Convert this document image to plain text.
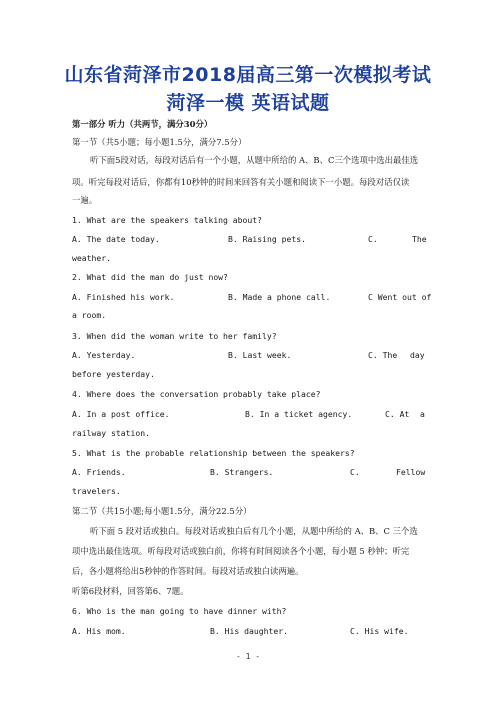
山东省菏泽市2018届高三第一次模拟考试
菏泽一模 英语试题
第一部分 听力（共两节，满分30分）
第一节（共5小题；每小题1.5分，满分7.5分）
听下面5段对话，每段对话后有一个小题，从题中所给的 A、B、C三个选项中选出最佳选
项。听完每段对话后，你都有10秒钟的时间来回答有关小题和阅读下一小题。每段对话仅读
一遍。
1. What are the speakers talking about?
A. The date today.	B. Raising pets.	C.	The
weather.
2. What did the man do just now?
A. Finished his work.	B. Made a phone call.	C Went out of
a room.
3. When did the woman write to her family?
A. Yesterday.	B. Last week.	C. The day
before yesterday.
4. Where does the conversation probably take place?
A. In a post office.	B. In a ticket agency.	C. At a
railway station.
5. What is the probable relationship between the speakers?
A. Friends.	B. Strangers.	C.	Fellow
travelers.
第二节（共15小题;每小题1.5分，满分22.5分）
听下面 5 段对话或独白。每段对话或独白后有几个小题，从题中所给的 A、B、C 三个选
项中选出最佳选项。听每段对话或独白前，你将有时间阅读各个小题，每小题 5 秒钟；听完
后，各小题将给出5秒钟的作答时间。每段对话或独白读两遍。
听第6段材料，回答第6、7题。
6. Who is the man going to have dinner with?
A. His mom.	B. His daughter.	C. His wife.
- 1 -
